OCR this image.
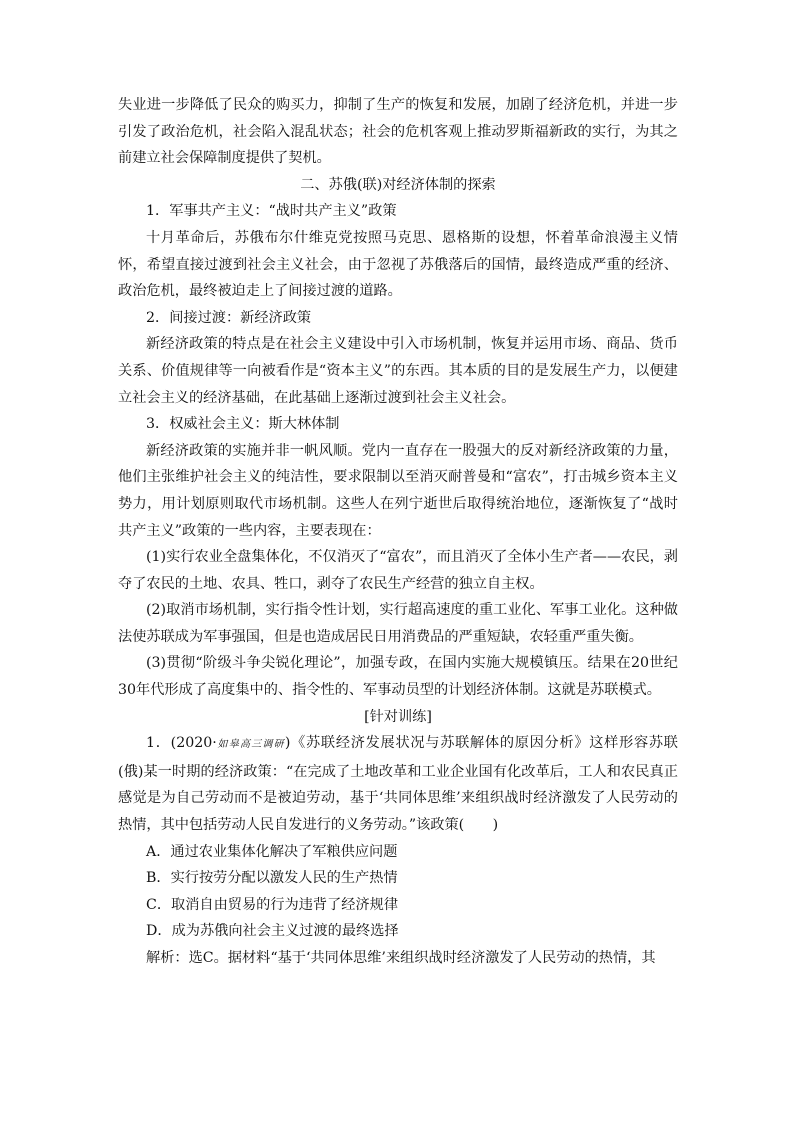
失业进一步降低了民众的购买力，抑制了生产的恢复和发展，加剧了经济危机，并进一步引发了政治危机，社会陷入混乱状态；社会的危机客观上推动罗斯福新政的实行，为其之前建立社会保障制度提供了契机。

二、苏俄(联)对经济体制的探索

1．军事共产主义：“战时共产主义”政策

十月革命后，苏俄布尔什维克党按照马克思、恩格斯的设想，怀着革命浪漫主义情怀，希望直接过渡到社会主义社会，由于忽视了苏俄落后的国情，最终造成严重的经济、政治危机，最终被迫走上了间接过渡的道路。

2．间接过渡：新经济政策

新经济政策的特点是在社会主义建设中引入市场机制，恢复并运用市场、商品、货币关系、价值规律等一向被看作是“资本主义”的东西。其本质的目的是发展生产力，以便建立社会主义的经济基础，在此基础上逐渐过渡到社会主义社会。

3．权威社会主义：斯大林体制

新经济政策的实施并非一帆风顺。党内一直存在一股强大的反对新经济政策的力量，他们主张维护社会主义的纯洁性，要求限制以至消灭耐普曼和“富农”，打击城乡资本主义势力，用计划原则取代市场机制。这些人在列宁逝世后取得统治地位，逐渐恢复了“战时共产主义”政策的一些内容，主要表现在：

(1)实行农业全盘集体化，不仅消灭了“富农”，而且消灭了全体小生产者——农民，剥夺了农民的土地、农具、牲口，剥夺了农民生产经营的独立自主权。

(2)取消市场机制，实行指令性计划，实行超高速度的重工业化、军事工业化。这种做法使苏联成为军事强国，但是也造成居民日用消费品的严重短缺，农轻重严重失衡。

(3)贯彻“阶级斗争尖锐化理论”，加强专政，在国内实施大规模镇压。结果在20世纪30年代形成了高度集中的、指令性的、军事动员型的计划经济体制。这就是苏联模式。

[针对训练]

1．(2020·如皋高三调研)《苏联经济发展状况与苏联解体的原因分析》这样形容苏联(俄)某一时期的经济政策：“在完成了土地改革和工业企业国有化改革后，工人和农民真正感觉是为自己劳动而不是被迫劳动，基于‘共同体思维’来组织战时经济激发了人民劳动的热情，其中包括劳动人民自发进行的义务劳动。”该政策(　　)

A．通过农业集体化解决了军粮供应问题

B．实行按劳分配以激发人民的生产热情

C．取消自由贸易的行为违背了经济规律

D．成为苏俄向社会主义过渡的最终选择

解析：选C。据材料“基于‘共同体思维’来组织战时经济激发了人民劳动的热情，其
